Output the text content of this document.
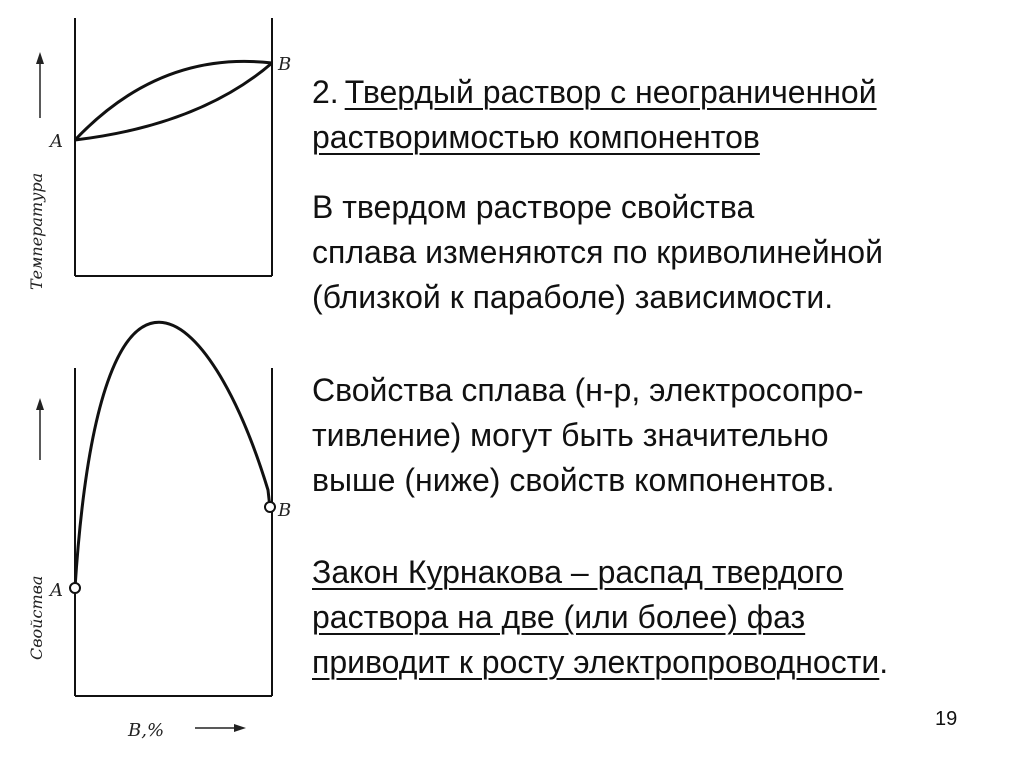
Температура
A
B
Свойства A
B
B,%
2. Твердый раствор с неограниченной
растворимостью компонентов
В твердом растворе свойства
сплава изменяются по криволинейной
(близкой к параболе) зависимости.
Свойства сплава (н-р, электросопро-
тивление) могут быть значительно
выше (ниже) свойств компонентов.
Закон Курнакова – распад твердого
раствора на две (или более) фаз
приводит к росту электропроводности.
19
